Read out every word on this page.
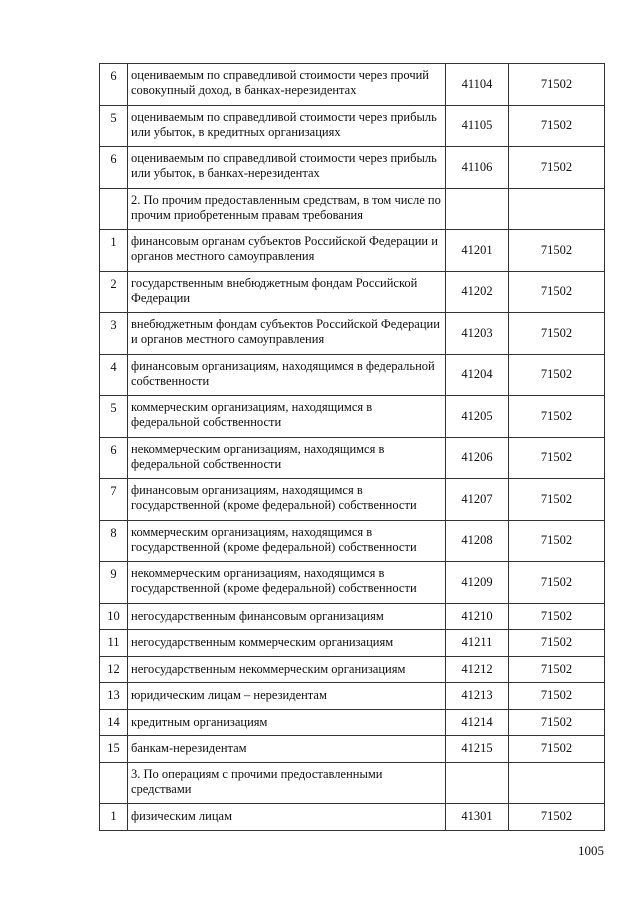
6	оцениваемым по справедливой стоимости через прочий совокупный доход, в банках-нерезидентах	41104	71502
5	оцениваемым по справедливой стоимости через прибыль или убыток, в кредитных организациях	41105	71502
6	оцениваемым по справедливой стоимости через прибыль или убыток, в банках-нерезидентах	41106	71502
	2. По прочим предоставленным средствам, в том числе по прочим приобретенным правам требования		
1	финансовым органам субъектов Российской Федерации и органов местного самоуправления	41201	71502
2	государственным внебюджетным фондам Российской Федерации	41202	71502
3	внебюджетным фондам субъектов Российской Федерации и органов местного самоуправления	41203	71502
4	финансовым организациям, находящимся в федеральной собственности	41204	71502
5	коммерческим организациям, находящимся в федеральной собственности	41205	71502
6	некоммерческим организациям, находящимся в федеральной собственности	41206	71502
7	финансовым организациям, находящимся в государственной (кроме федеральной) собственности	41207	71502
8	коммерческим организациям, находящимся в государственной (кроме федеральной) собственности	41208	71502
9	некоммерческим организациям, находящимся в государственной (кроме федеральной) собственности	41209	71502
10	негосударственным финансовым организациям	41210	71502
11	негосударственным коммерческим организациям	41211	71502
12	негосударственным некоммерческим организациям	41212	71502
13	юридическим лицам – нерезидентам	41213	71502
14	кредитным организациям	41214	71502
15	банкам-нерезидентам	41215	71502
	3. По операциям с прочими предоставленными средствами		
1	физическим лицам	41301	71502
1005
